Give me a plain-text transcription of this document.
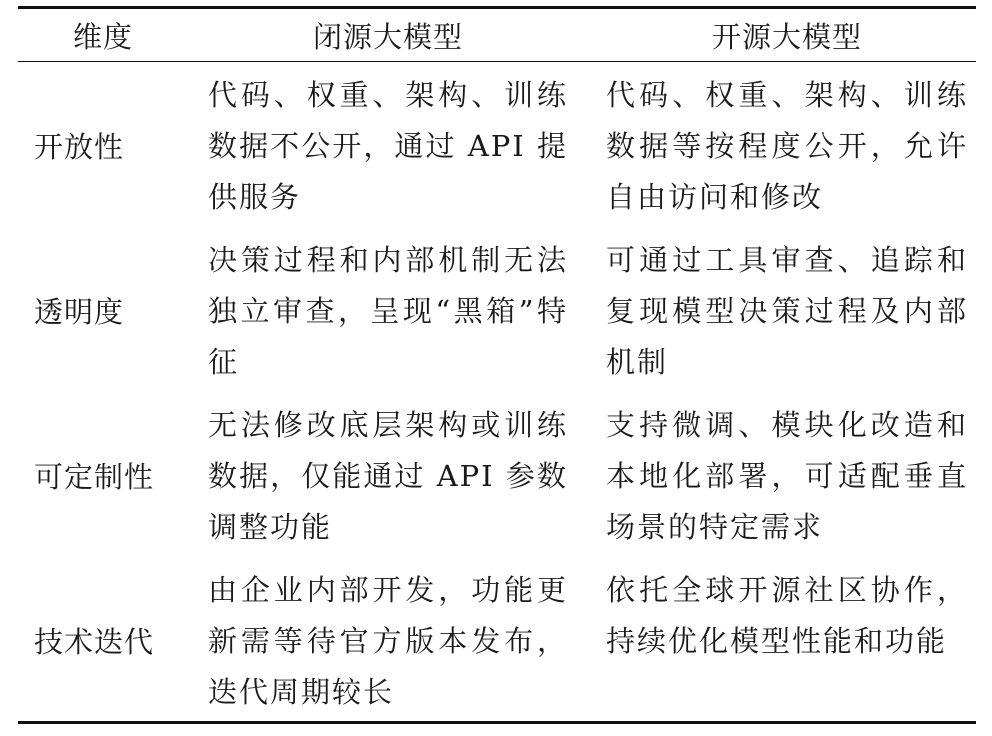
维度	闭源大模型	开源大模型
开放性
代码、权重、架构、训练数据不公开，通过 API 提供服务
代码、权重、架构、训练数据等按程度公开，允许自由访问和修改
透明度
决策过程和内部机制无法独立审查，呈现“黑箱”特征
可通过工具审查、追踪和复现模型决策过程及内部机制
可定制性
无法修改底层架构或训练数据，仅能通过 API 参数调整功能
支持微调、模块化改造和本地化部署，可适配垂直场景的特定需求
技术迭代
由企业内部开发，功能更新需等待官方版本发布，迭代周期较长
依托全球开源社区协作，持续优化模型性能和功能
